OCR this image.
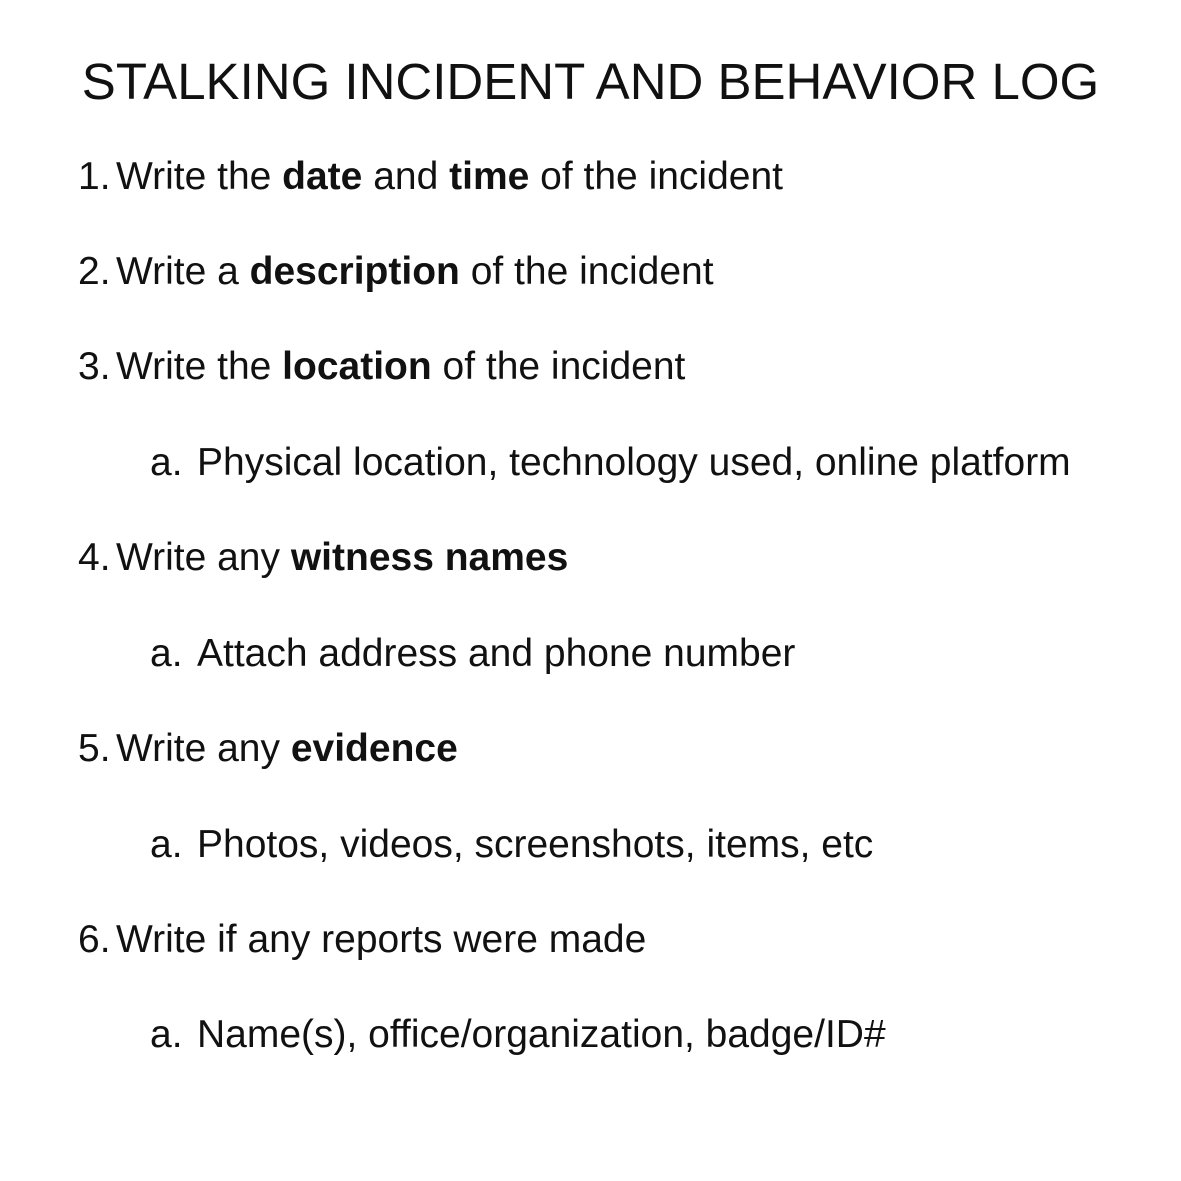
STALKING INCIDENT AND BEHAVIOR LOG
1. Write the date and time of the incident
2. Write a description of the incident
3. Write the location of the incident
a. Physical location, technology used, online platform
4. Write any witness names
a. Attach address and phone number
5. Write any evidence
a. Photos, videos, screenshots, items, etc
6. Write if any reports were made
a. Name(s), office/organization, badge/ID#
